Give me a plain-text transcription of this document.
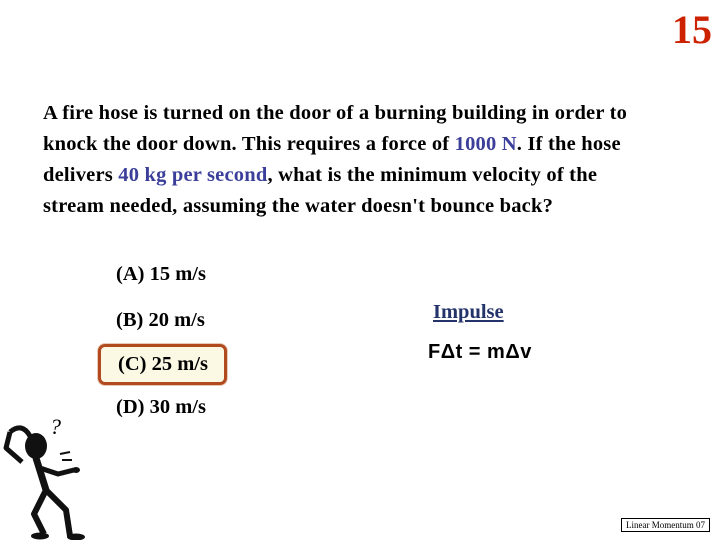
15
A fire hose is turned on the door of a burning building in order to knock the door down. This requires a force of 1000 N. If the hose delivers 40 kg per second, what is the minimum velocity of the stream needed, assuming the water doesn't bounce back?
(A) 15 m/s
(B) 20 m/s
(C) 25 m/s
(D) 30 m/s
Impulse
FΔt = mΔv
?
Linear Momentum 07
